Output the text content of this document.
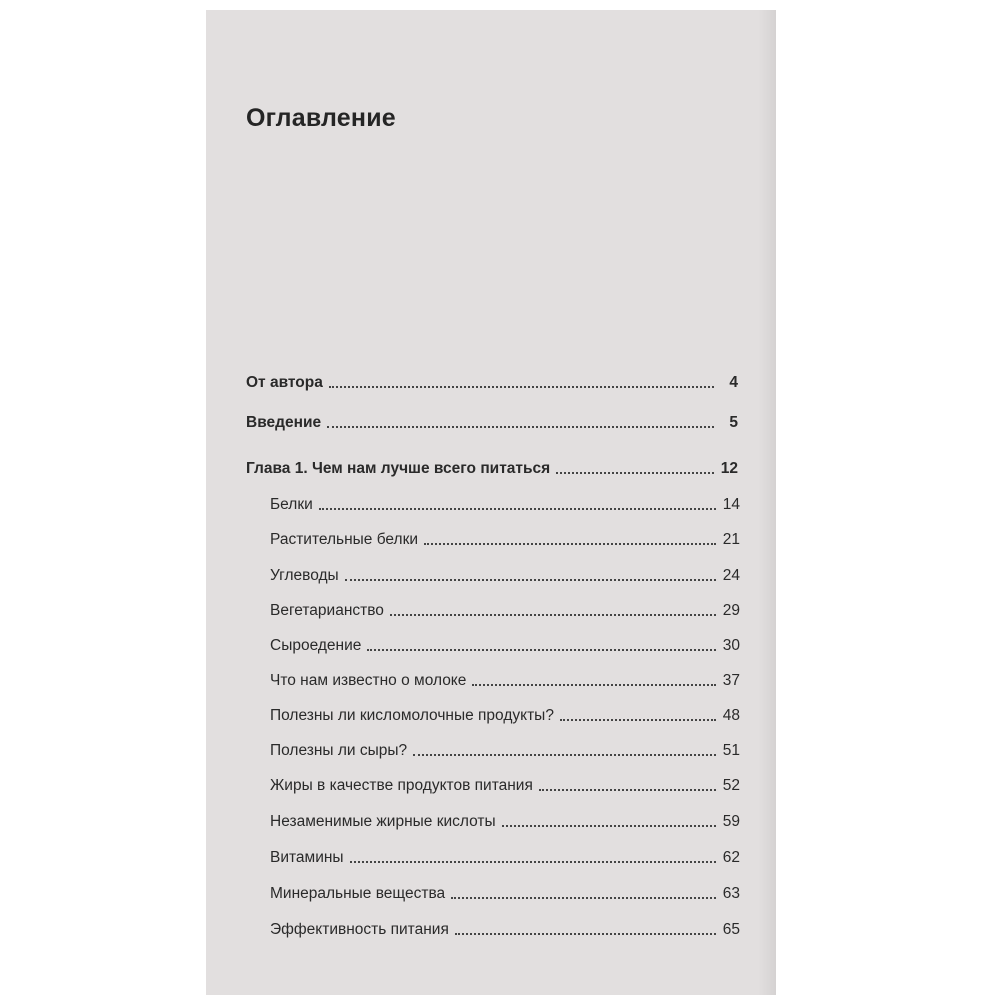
Оглавление
От автора	4
Введение	5
Глава 1. Чем нам лучше всего питаться	12
Белки	14
Растительные белки	21
Углеводы	24
Вегетарианство	29
Сыроедение	30
Что нам известно о молоке	37
Полезны ли кисломолочные продукты?	48
Полезны ли сыры?	51
Жиры в качестве продуктов питания	52
Незаменимые жирные кислоты	59
Витамины	62
Минеральные вещества	63
Эффективность питания	65
